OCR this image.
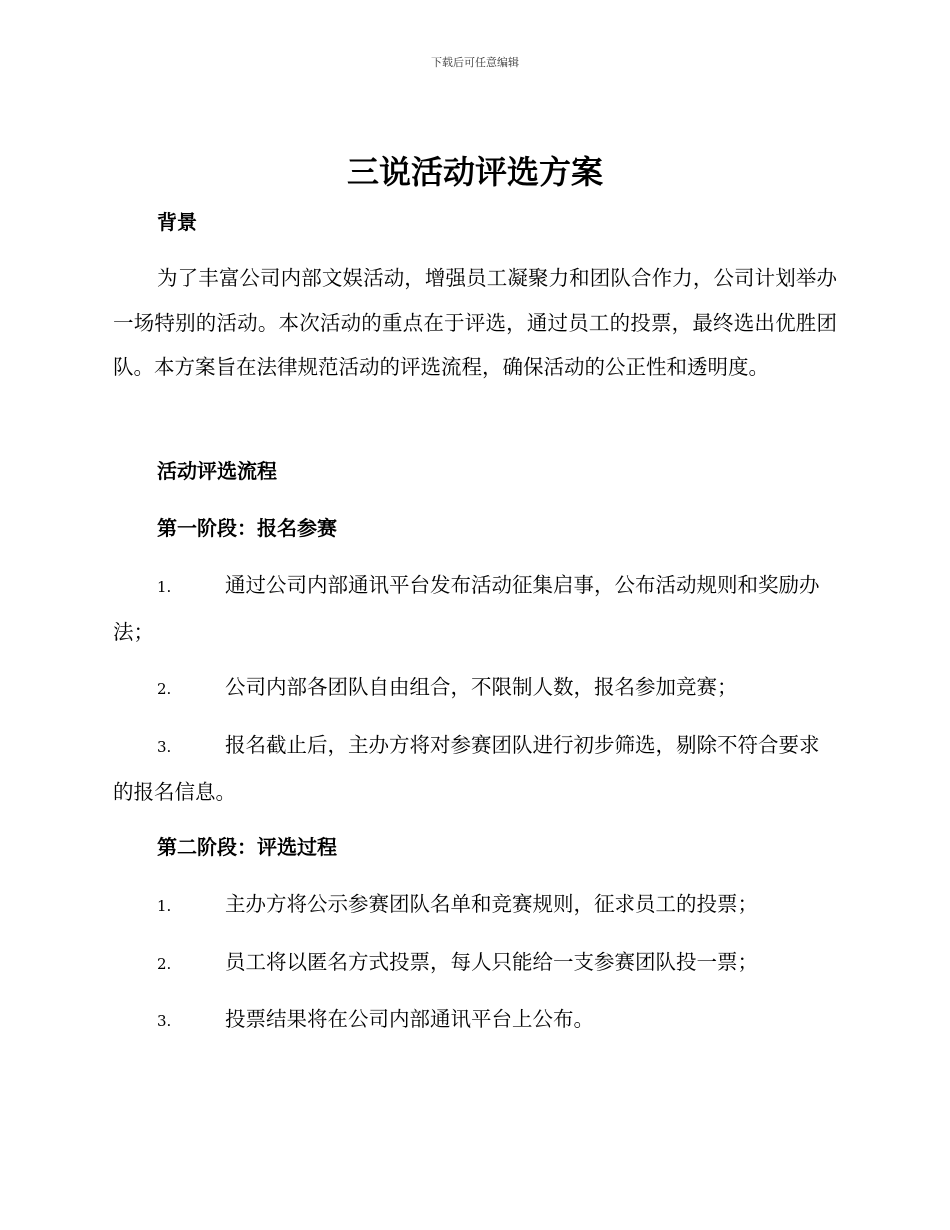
下载后可任意编辑
三说活动评选方案
背景
为了丰富公司内部文娱活动，增强员工凝聚力和团队合作力，公司计划举办一场特别的活动。本次活动的重点在于评选，通过员工的投票，最终选出优胜团队。本方案旨在法律规范活动的评选流程，确保活动的公正性和透明度。
活动评选流程
第一阶段：报名参赛
1.	通过公司内部通讯平台发布活动征集启事，公布活动规则和奖励办法；
2.	公司内部各团队自由组合，不限制人数，报名参加竞赛；
3.	报名截止后，主办方将对参赛团队进行初步筛选，剔除不符合要求的报名信息。
第二阶段：评选过程
1.	主办方将公示参赛团队名单和竞赛规则，征求员工的投票；
2.	员工将以匿名方式投票，每人只能给一支参赛团队投一票；
3.	投票结果将在公司内部通讯平台上公布。
